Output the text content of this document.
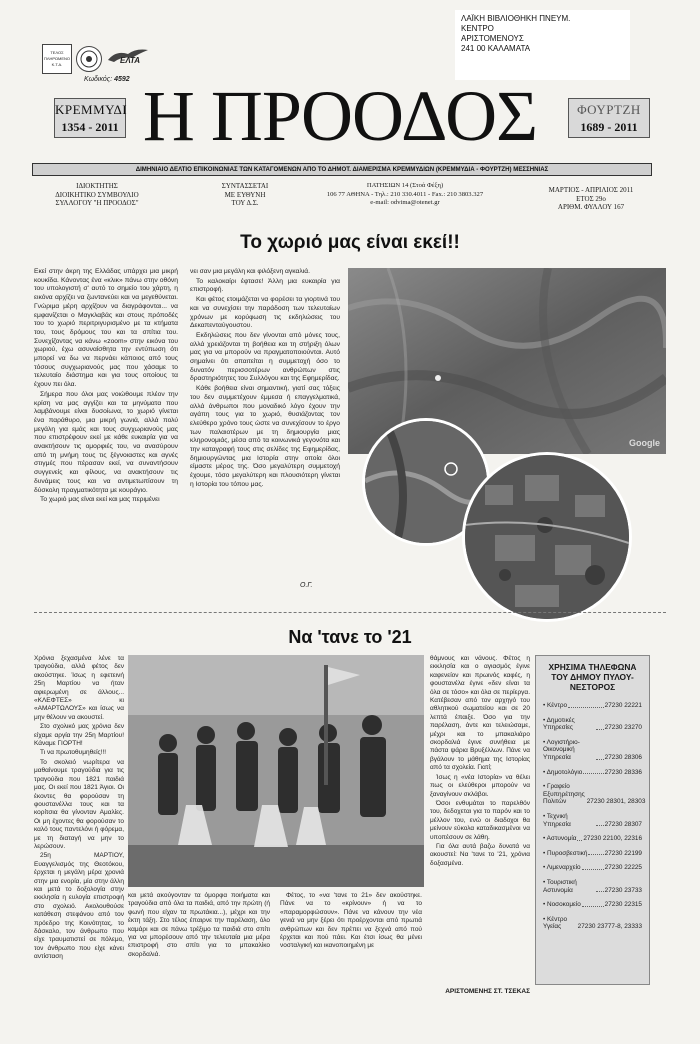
ΤΕΛΟΣ ΠΛΗΡΩΜΕΝΟ Κ.Τ.Α.	ΕΛΤΑ
Κωδικός: 4592
ΛΑΪΚΗ ΒΙΒΛΙΟΘΗΚΗ ΠΝΕΥΜ.
ΚΕΝΤΡΟ
ΑΡΙΣΤΟΜΕΝΟΥΣ
241 00 ΚΑΛΑΜΑΤΑ
ΚΡΕΜΜΥΔΙ
1354 - 2011 Η ΠΡΟΟΔΟΣ	ΦΟΥΡΤΖΗ
1689 - 2011
ΔΙΜΗΝΙΑΙΟ ΔΕΛΤΙΟ ΕΠΙΚΟΙΝΩΝΙΑΣ ΤΩΝ ΚΑΤΑΓΟΜΕΝΩΝ ΑΠΟ ΤΟ ΔΗΜΟΤ. ΔΙΑΜΕΡΙΣΜΑ ΚΡΕΜΜΥΔΙΩΝ (ΚΡΕΜΜΥΔΙΑ - ΦΟΥΡΤΖΗ) ΜΕΣΣΗΝΙΑΣ
ΙΔΙΟΚΤΗΤΗΣ
ΔΙΟΙΚΗΤΙΚΟ ΣΥΜΒΟΥΛΙΟ
ΣΥΛΛΟΓΟΥ "Η ΠΡΟΟΔΟΣ"
ΣΥΝΤΑΣΣΕΤΑΙ
ΜΕ ΕΥΘΥΝΗ
ΤΟΥ Δ.Σ.
ΠΑΤΗΣΙΩΝ 14 (Στοά Φέξη)
106 77 ΑΘΗΝΑ - Τηλ.: 210 330.4011 - Fax.: 210 3803.327
e-mail: odvima@otenet.gr
ΜΑΡΤΙΟΣ - ΑΠΡΙΛΙΟΣ 2011
ΕΤΟΣ 29ο
ΑΡΙΘΜ. ΦΥΛΛΟΥ 167
Το χωριό μας είναι εκεί!!

Εκεί στην άκρη της Ελλάδας υπάρχει μια μικρή κουκίδα. Κάνοντας ένα «κλικ» πάνω στην οθόνη του υπολογιστή σ' αυτό το σημείο του χάρτη, η εικόνα αρχίζει να ζωντανεύει και να μεγεθύνεται. Γνώριμα μέρη αρχίζουν να διαγράφονται... να εμφανίζεται ο Μαγκλαβάς και στους πρόποδές του το χωριό περιτριγυρισμένο με τα κτήματα του, τους δρόμους του και τα σπίτια του. Συνεχίζοντας να κάνω «zoom» στην εικόνα του χωριού, έχω ασυναίσθητα την εντύπωση ότι μπορεί να δω να περνάει κάποιος από τους τόσους συγχωριανούς μας που χάσαμε το τελευταίο διάστημα και για τους οποίους τα έχουν πει όλα.

Σήμερα που όλοι μας νοιώθουμε πλέον την κρίση να μας αγγίζει και τα μηνύματα που λαμβάνουμε είναι δυσοίωνα, το χωριό γίνεται ένα παράθυρο, μια μικρή γωνιά, αλλά πολύ μεγάλη για εμάς και τους συγχωριανούς μας που επιστρέφουν εκεί με κάθε ευκαιρία για να ανακτήσουν τις ομορφιές του, να ανασύρουν από τη μνήμη τους τις ξέγνοιαστες και αγνές στιγμές που πέρασαν εκεί, να συναντήσουν συγγενείς και φίλους, να ανακτήσουν τις δυνάμεις τους και να αντιμετωπίσουν τη δύσκολη πραγματικότητα με κουράγιο.

Το χωριό μας είναι εκεί και μας περιμένει

νει σαν μια μεγάλη και φιλόξενη αγκαλιά.

Το καλοκαίρι έφτασε! Άλλη μια ευκαιρία για επιστροφή.

Και φέτος ετοιμάζεται να φορέσει τα γιορτινά του και να συνεχίσει την παράδοση των τελευταίων χρόνων με κορύφωση τις εκδηλώσεις του Δεκαπενταύγουστου.

Εκδηλώσεις που δεν γίνονται από μόνες τους, αλλά χρειάζονται τη βοήθεια και τη στήριξη όλων μας για να μπορούν να πραγματοποιούνται. Αυτό σημαίνει ότι απαιτείται η συμμετοχή όσο το δυνατόν περισσοτέρων ανθρώπων στις δραστηριότητες του Συλλόγου και της Εφημερίδας.

Κάθε βοήθεια είναι σημαντική, γιατί σας τόξεις του δεν συμμετέχουν έμμεσα ή επαγγελματικά, αλλά άνθρωποι που μοναδικό λόγο έχουν την αγάπη τους για το χωριό, θυσιάζοντας τον ελεύθερο χρόνο τους ώστε να συνεχίσουν το έργο των παλαιοτέρων με τη δημιουργία μιας κληρονομιάς, μέσα από τα κοινωνικά γεγονότα και την καταγραφή τους στις σελίδες της Εφημερίδας, δημιουργώντας μια Ιστορία στην οποία όλοι είμαστε μέρος της. Όσο μεγαλύτερη συμμετοχή έχουμε, τόσο μεγαλύτερη και πλουσιότερη γίνεται η Ιστορία του τόπου μας.

Ο.Γ.
Google
Να 'τανε το '21

Χρόνια ξεχασμένα λένε τα τραγούδια, αλλά φέτος δεν ακούστηκε. Ίσως η εφετεινή 25η Μαρτίου να ήταν αφιερωμένη σε άλλους... «ΚΛΕΦΤΕΣ» κι «ΑΜΑΡΤΩΛΟΥΣ» και ίσως να μην θέλουν να ακουστεί.

Στο σχολικό μας χρόνια δεν είχαμε αργία την 25η Μαρτίου! Κάναμε ΓΙΟΡΤΗ!

Τι να πρωτοθυμηθείς!!!

Το σκολειό νωρίτερα να μαθαίνουμε τραγούδια για τις τραγούδια που 1821 παιδιά μας. Οι εκεί που 1821 Άγιοι. Οι έκοντες θα φορούσαν τη φουστανέλλα τους και τα κορίτσια θα γίνονταν Αμαλίες. Οι μη έχοντες θα φορούσαν το καλό τους παντελόνι ή φόρεμα, με τη διαταγή να μην το λερώσουν.

25η ΜΑΡΤΙΟΥ, Ευαγγελισμός της Θεοτόκου, έρχεται η μεγάλη μέρα χρονιά στην μια ενορία, μία στην άλλη και μετά το δοξολογία στην εκκλησία η ευλογία επιστροφή στο σχολειό. Ακολουθούσε κατάθεση στεφάνου από τον πρόεδρο της Κοινότητας, το δάσκαλο, τον άνθρωπο που είχε τραυματιστεί σε πόλεμο, τον άνθρωπο που είχε κάνει αντίσταση

και μετά ακούγονταν τα όμορφα ποιήματα και τραγούδια από όλα τα παιδιά, από την πρώτη (ή φωνή που είχαν τα πρωτάκια...), μέχρι και την έκτη τάξη. Στο τέλος έπαιρνε την παρέλαση, όλο καμάρι και σε πάνω τρέξιμο τα παιδιά στο σπίτι για να μπορέσουν από την τελευταία μια μέρα επιστροφή στο σπίτι για το μπακαλίκο σκορδαλιά.

Φέτος, το «να 'τανε το 21» δεν ακούστηκε. Πάνε να το «κρίνουν» ή να το «παραμορφώσουν». Πάνε να κάνουν την νέα γενιά να μην ξέρει ότι προέρχονται από πρωτιά ανθρώπων και δεν πρέπει να ξεχνά από πού έρχεται και πού πάει. Και έτσι ίσως θα μένει νοσταλγική και ικανοποιημένη με

θάμνους και νάνους. Φέτος η εκκλησία και ο αγιασμός έγινε καφενείον και πρωινός καφές, η φουστανέλα έγινε «δεν είναι τα όλα σε τόσο» και όλα σε περίεργα. Κατέβεσαν από τον αρχηγό του αθλητικού σωματείου και σε 20 λεπτά έπαιξε. Όσο για την παρέλαση, άντε και τελειώσαμε, μέχρι και το μπακαλιάρο σκορδαλιά έγινε συνήθεια με πάστα ψάρια Βρυξέλλων. Πάνε να βγάλουν το μάθημα της Ιστορίας από τα σχολεία. Γιατί;

Ίσως η «νέα Ιστορία» να θέλει πως οι ελεύθεροι μπορούν να ξαναγίνουν σκλάβοι.

Όσοι ενθυμάται το παρελθόν του, δεδοχεται για το παρόν και το μέλλον του, ενώ οι διαδοχοι θα μείνουν εύκολα καταδικασμένοι να υποπέσουν σε λάθη.

Για όλα αυτά βαζω δυνατά να ακουστεί: Να 'τανε το '21, χρόνια δοξασμένα.

ΑΡΙΣΤΟΜΕΝΗΣ ΣΤ. ΤΣΕΚΑΣ
ΧΡΗΣΙΜΑ ΤΗΛΕΦΩΝΑ ΤΟΥ ΔΗΜΟΥ ΠΥΛΟΥ-ΝΕΣΤΟΡΟΣ
• Κέντρο	27230 22221
• Δημοτικές Υπηρεσίες	27230 23270
• Λογιστήριο-Οικονομική Υπηρεσία	27230 28306
• Δημοτολόγιο	27230 28336
• Γραφείο Εξυπηρέτησης Πολιτών	27230 28301, 28303
• Τεχνική Υπηρεσία	27230 28307
• Αστυνομία 27230 22100, 22316
• Πυροσβεστική	27230 22199
• Λιμεναρχείο	27230 22225
• Τουριστική Αστυνομία	27230 23733
• Νοσοκομείο	27230 22315
• Κέντρο Υγείας	27230 23777-8, 23333
